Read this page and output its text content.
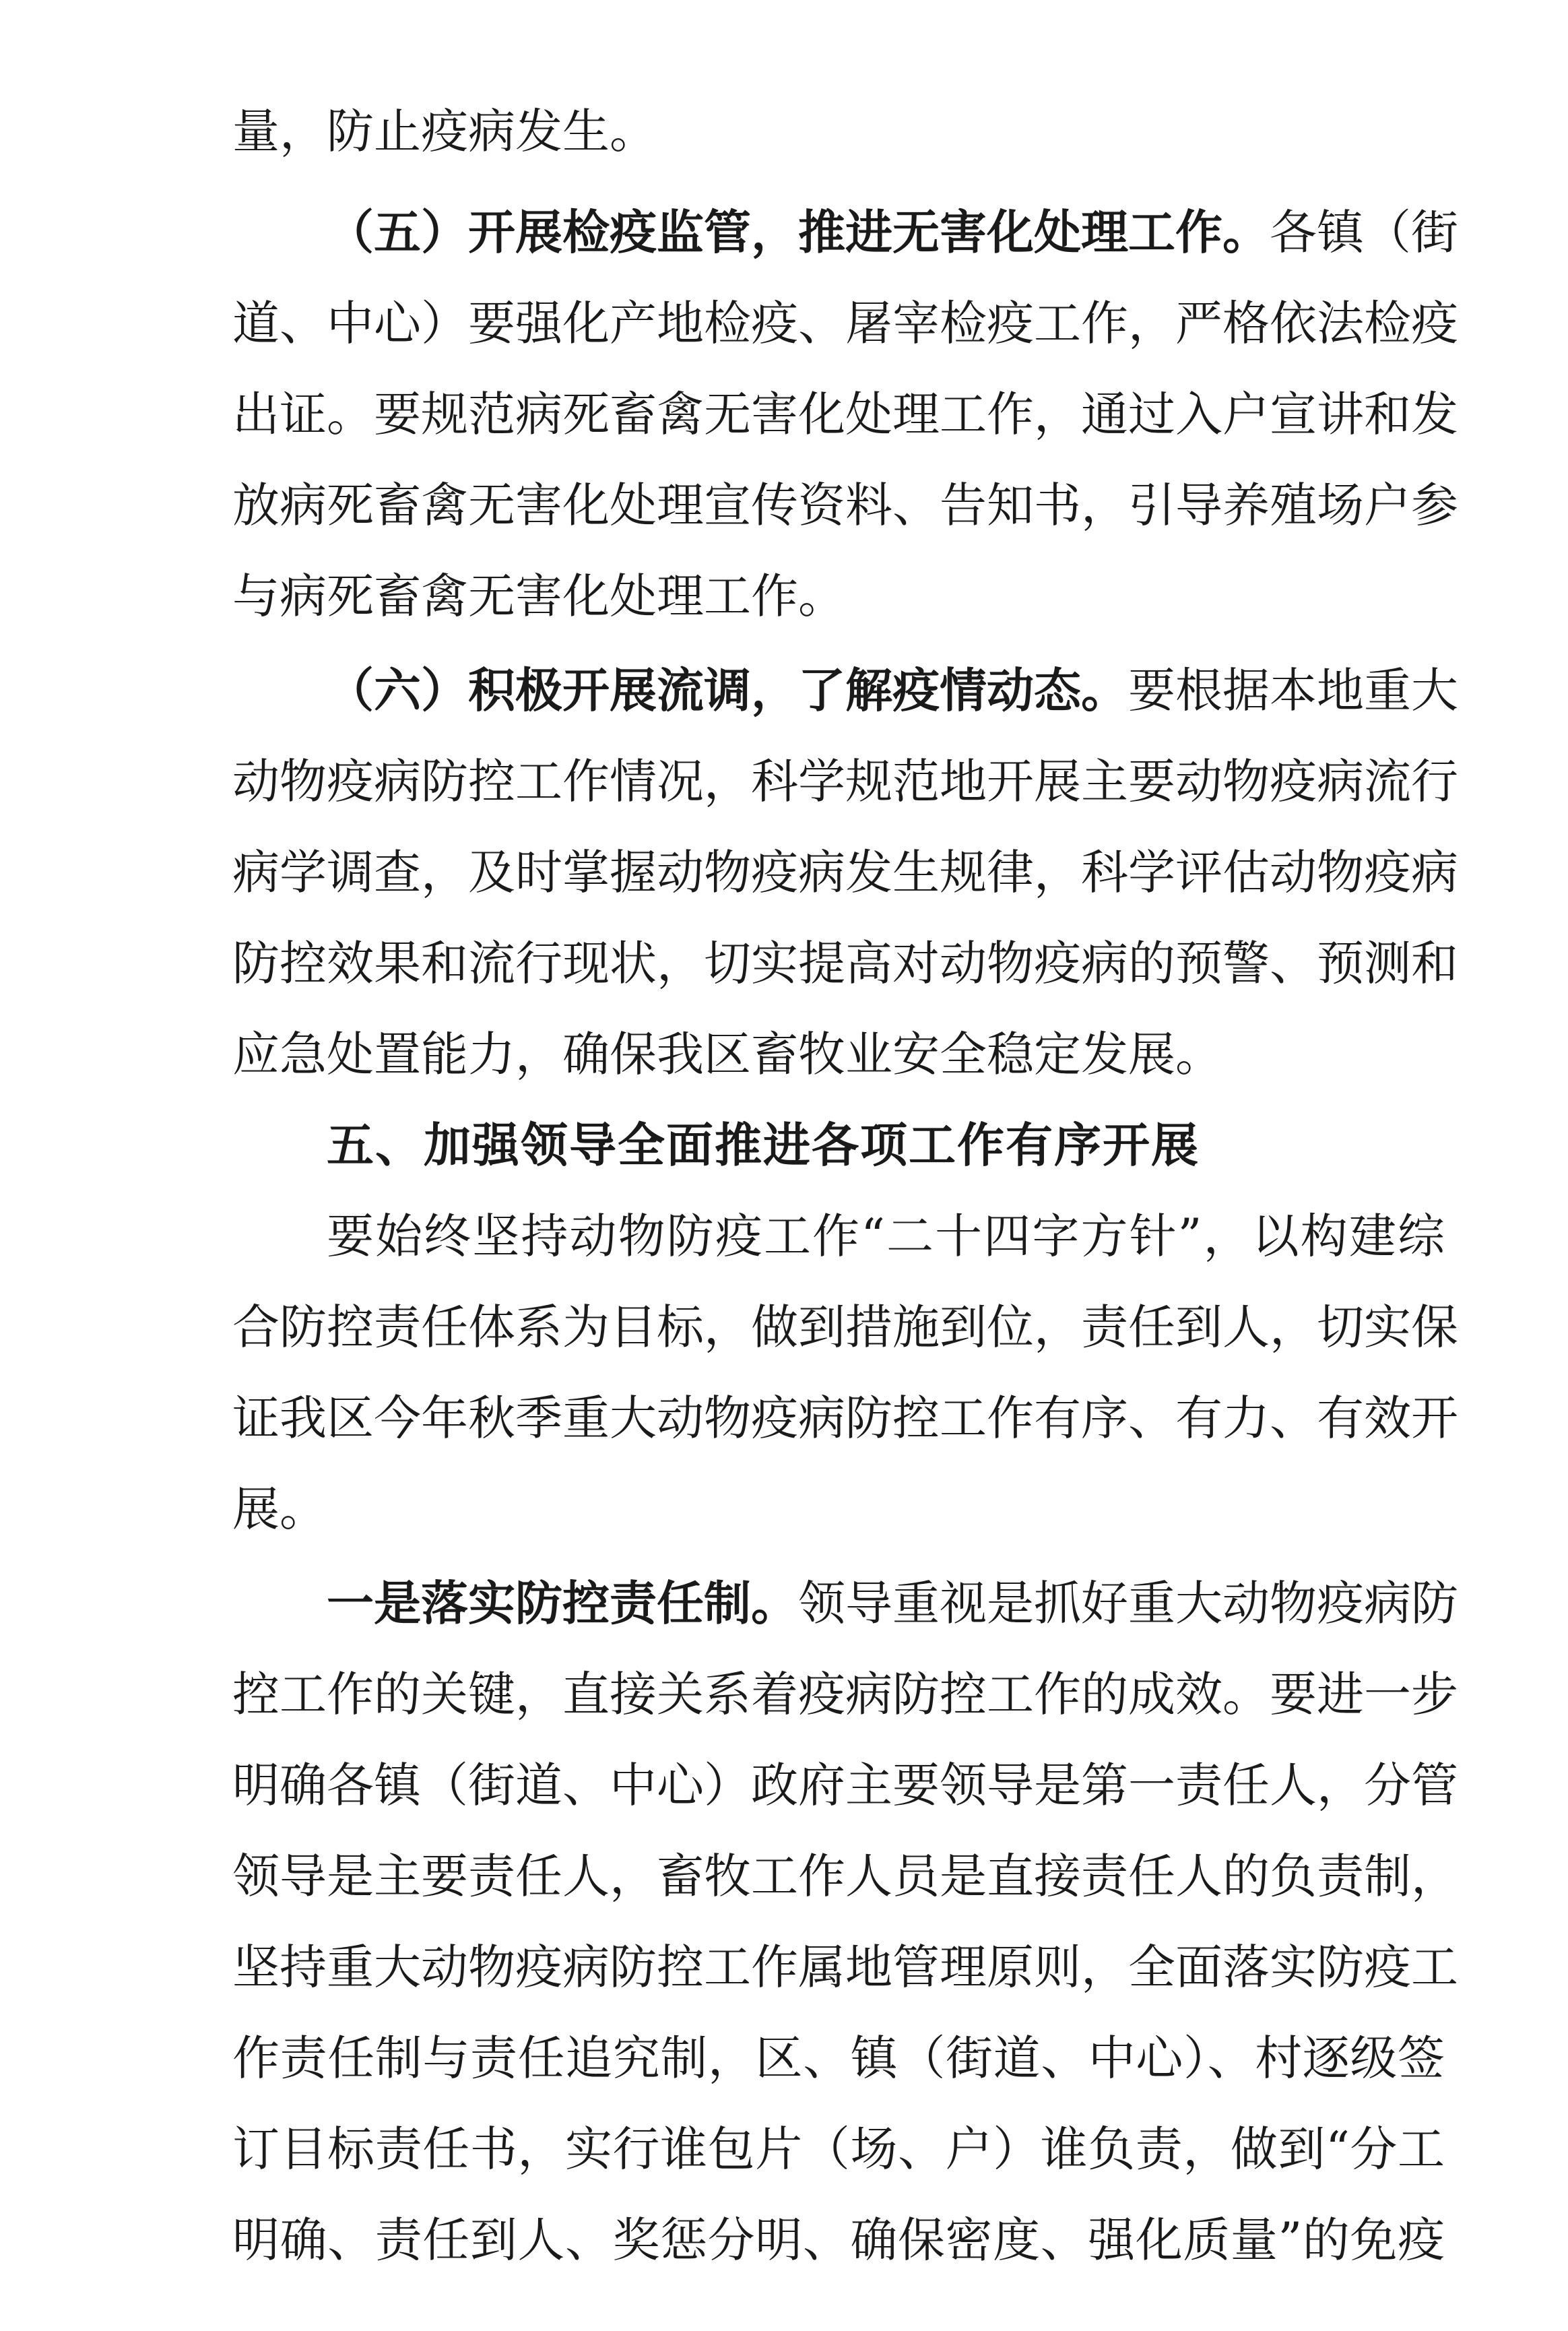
量，防止疫病发生。
（五）开展检疫监管，推进无害化处理工作。各镇（街
道、中心）要强化产地检疫、屠宰检疫工作，严格依法检疫
出证。要规范病死畜禽无害化处理工作，通过入户宣讲和发
放病死畜禽无害化处理宣传资料、告知书，引导养殖场户参
与病死畜禽无害化处理工作。
（六）积极开展流调，了解疫情动态。要根据本地重大
动物疫病防控工作情况，科学规范地开展主要动物疫病流行
病学调查，及时掌握动物疫病发生规律，科学评估动物疫病
防控效果和流行现状，切实提高对动物疫病的预警、预测和
应急处置能力，确保我区畜牧业安全稳定发展。
五、加强领导全面推进各项工作有序开展
要始终坚持动物防疫工作“二十四字方针”，以构建综
合防控责任体系为目标，做到措施到位，责任到人，切实保
证我区今年秋季重大动物疫病防控工作有序、有力、有效开
展。
一是落实防控责任制。领导重视是抓好重大动物疫病防
控工作的关键，直接关系着疫病防控工作的成效。要进一步
明确各镇（街道、中心）政府主要领导是第一责任人，分管
领导是主要责任人，畜牧工作人员是直接责任人的负责制，
坚持重大动物疫病防控工作属地管理原则，全面落实防疫工
作责任制与责任追究制，区、镇（街道、中心）、村逐级签
订目标责任书，实行谁包片（场、户）谁负责，做到“分工
明确、责任到人、奖惩分明、确保密度、强化质量”的免疫
